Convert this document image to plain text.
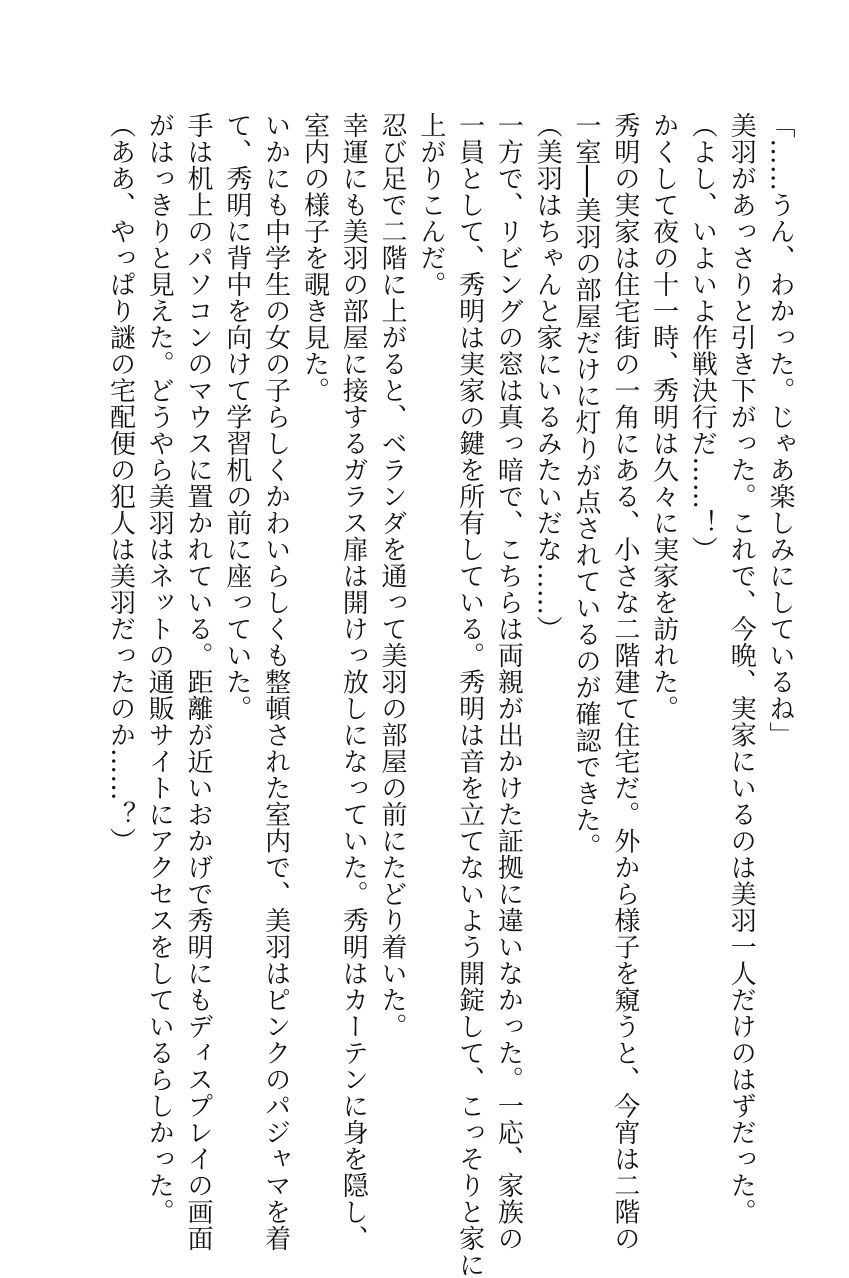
「……うん、わかった。じゃあ楽しみにしているね」
美羽があっさりと引き下がった。これで、今晩、実家にいるのは美羽一人だけのはずだった。
（よし、いよいよ作戦決行だ……！）
かくして夜の十一時、秀明は久々に実家を訪れた。
秀明の実家は住宅街の一角にある、小さな二階建て住宅だ。外から様子を窺うと、今宵は二階の
一室──美羽の部屋だけに灯りが点されているのが確認できた。
（美羽はちゃんと家にいるみたいだな……）
一方で、リビングの窓は真っ暗で、こちらは両親が出かけた証拠に違いなかった。一応、家族の
一員として、秀明は実家の鍵を所有している。秀明は音を立てないよう開錠して、こっそりと家に
上がりこんだ。
忍び足で二階に上がると、ベランダを通って美羽の部屋の前にたどり着いた。
幸運にも美羽の部屋に接するガラス扉は開けっ放しになっていた。秀明はカーテンに身を隠し、
室内の様子を覗き見た。
いかにも中学生の女の子らしくかわいらしくも整頓された室内で、美羽はピンクのパジャマを着
て、秀明に背中を向けて学習机の前に座っていた。
手は机上のパソコンのマウスに置かれている。距離が近いおかげで秀明にもディスプレイの画面
がはっきりと見えた。どうやら美羽はネットの通販サイトにアクセスをしているらしかった。
（ああ、やっぱり謎の宅配便の犯人は美羽だったのか……？）
